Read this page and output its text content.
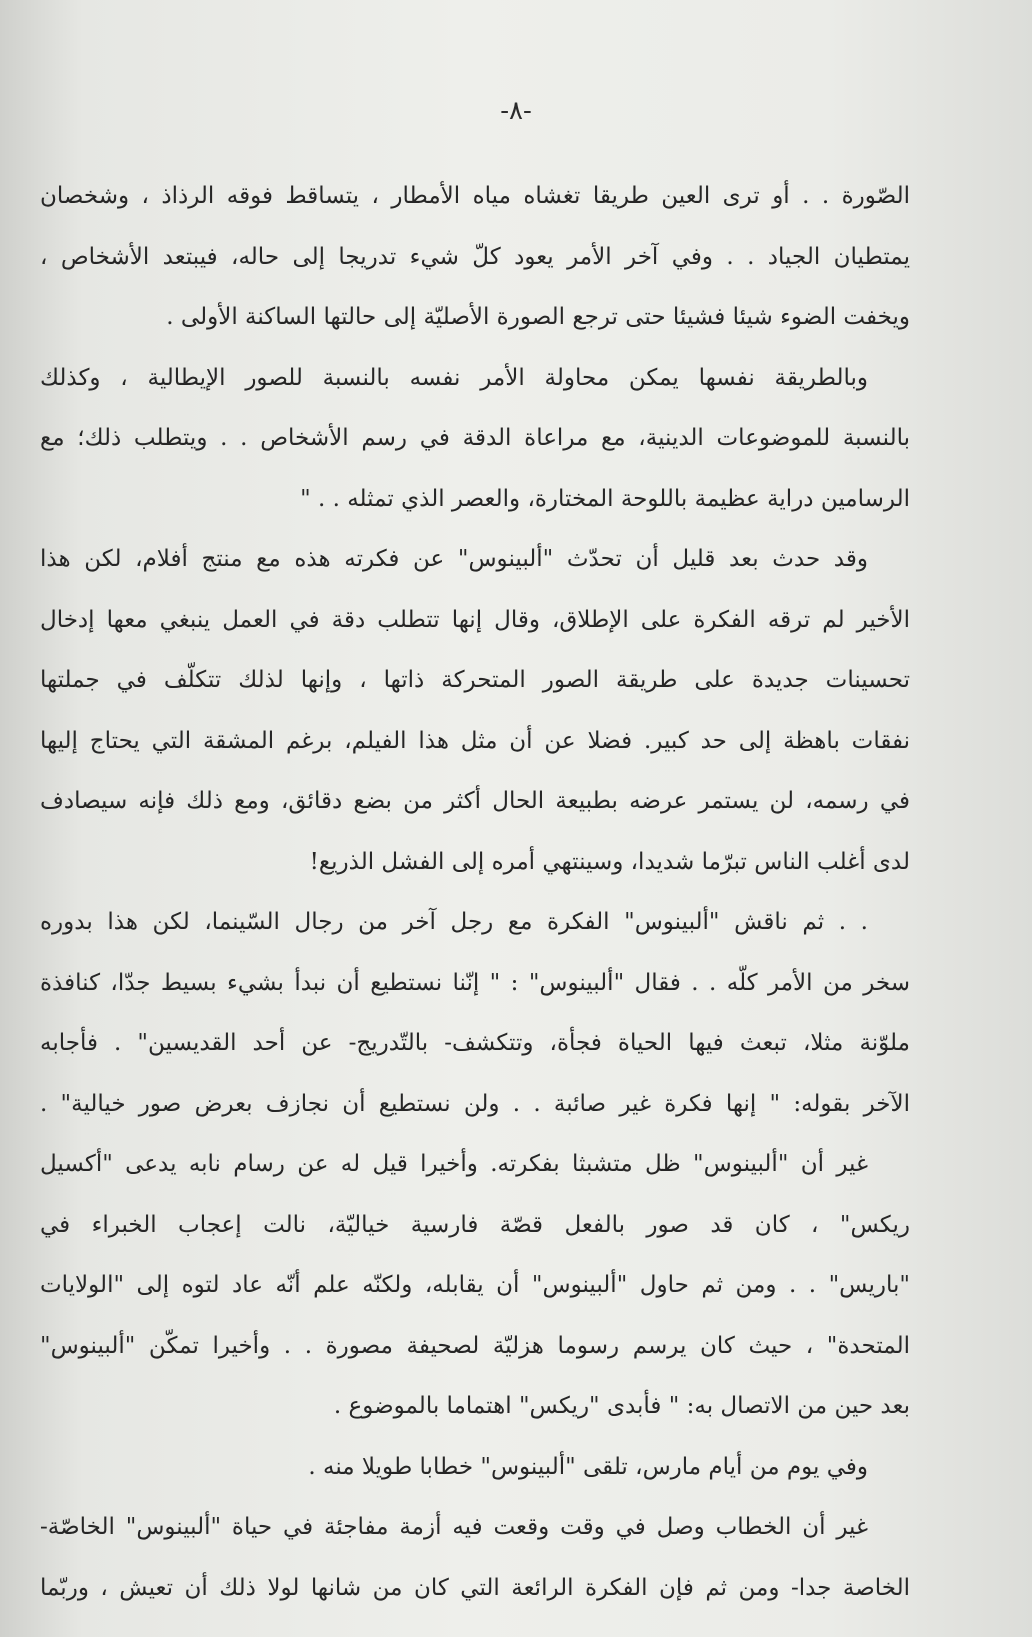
-٨-
الصّورة . . أو ترى العين طريقا تغشاه مياه الأمطار ، يتساقط فوقه الرذاذ ، وشخصان
يمتطيان الجياد . . وفي آخر الأمر يعود كلّ شيء تدريجا إلى حاله، فيبتعد الأشخاص ،
ويخفت الضوء شيئا فشيئا حتى ترجع الصورة الأصليّة إلى حالتها الساكنة الأولى .
وبالطريقة نفسها يمكن محاولة الأمر نفسه بالنسبة للصور الإيطالية ، وكذلك
بالنسبة للموضوعات الدينية، مع مراعاة الدقة في رسم الأشخاص . . ويتطلب ذلك؛ مع
الرسامين دراية عظيمة باللوحة المختارة، والعصر الذي تمثله . . "
وقد حدث بعد قليل أن تحدّث "ألبينوس" عن فكرته هذه مع منتج أفلام، لكن هذا
الأخير لم ترقه الفكرة على الإطلاق، وقال إنها تتطلب دقة في العمل ينبغي معها إدخال
تحسينات جديدة على طريقة الصور المتحركة ذاتها ، وإنها لذلك تتكلّف في جملتها
نفقات باهظة إلى حد كبير. فضلا عن أن مثل هذا الفيلم، برغم المشقة التي يحتاج إليها
في رسمه، لن يستمر عرضه بطبيعة الحال أكثر من بضع دقائق، ومع ذلك فإنه سيصادف
لدى أغلب الناس تبرّما شديدا، وسينتهي أمره إلى الفشل الذريع!
. . ثم ناقش "ألبينوس" الفكرة مع رجل آخر من رجال السّينما، لكن هذا بدوره
سخر من الأمر كلّه . . فقال "ألبينوس" : " إنّنا نستطيع أن نبدأ بشيء بسيط جدّا، كنافذة
ملوّنة مثلا، تبعث فيها الحياة فجأة، وتتكشف- بالتّدريج- عن أحد القديسين" . فأجابه
الآخر بقوله: " إنها فكرة غير صائبة . . ولن نستطيع أن نجازف بعرض صور خيالية" .
غير أن "ألبينوس" ظل متشبثا بفكرته. وأخيرا قيل له عن رسام نابه يدعى "أكسيل
ريكس" ، كان قد صور بالفعل قصّة فارسية خياليّة، نالت إعجاب الخبراء في
"باريس" . . ومن ثم حاول "ألبينوس" أن يقابله، ولكنّه علم أنّه عاد لتوه إلى "الولايات
المتحدة" ، حيث كان يرسم رسوما هزليّة لصحيفة مصورة . . وأخيرا تمكّن "ألبينوس"
بعد حين من الاتصال به: " فأبدى "ريكس" اهتماما بالموضوع .
وفي يوم من أيام مارس، تلقى "ألبينوس" خطابا طويلا منه .
غير أن الخطاب وصل في وقت وقعت فيه أزمة مفاجئة في حياة "ألبينوس" الخاصّة-
الخاصة جدا- ومن ثم فإن الفكرة الرائعة التي كان من شانها لولا ذلك أن تعيش ، وربّما
